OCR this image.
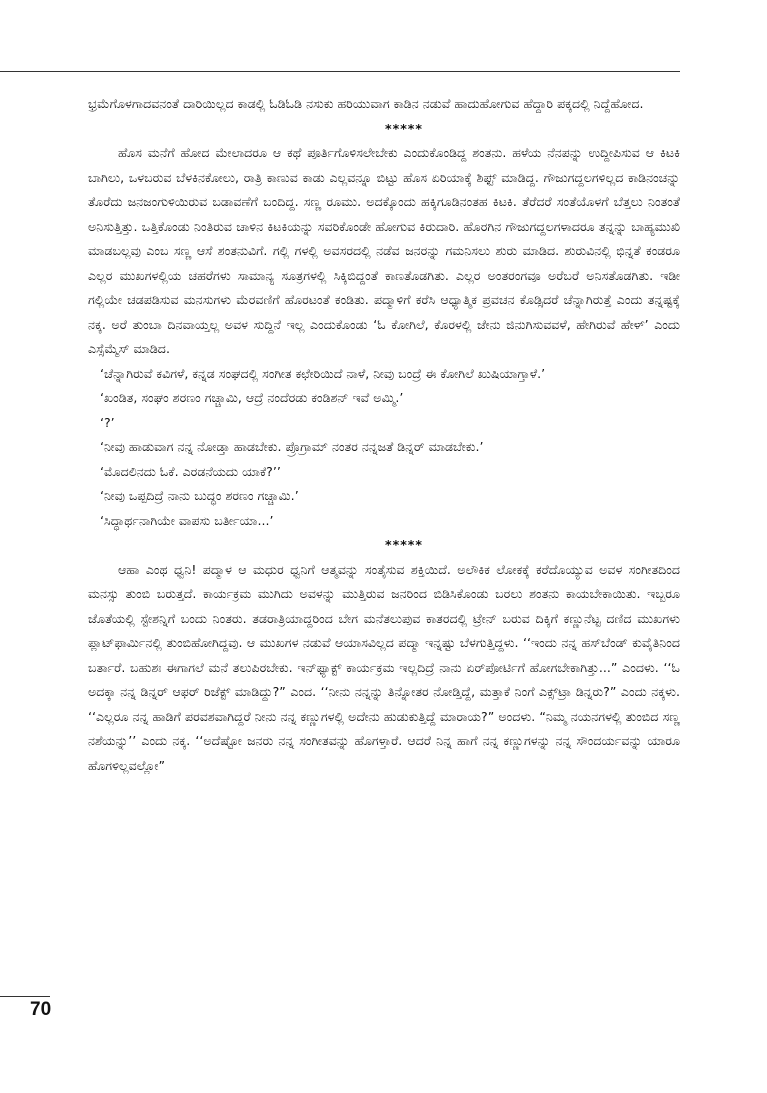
ಭ್ರಮೆಗೊಳಗಾದವನಂತೆ ದಾರಿಯಿಲ್ಲದ ಕಾಡಲ್ಲಿ ಓಡಿಓಡಿ ನಸುಕು ಹರಿಯುವಾಗ ಕಾಡಿನ ನಡುವೆ ಹಾದುಹೋಗುವ ಹೆದ್ದಾರಿ ಪಕ್ಕದಲ್ಲಿ ನಿದ್ದೆಹೋದ.

*****

ಹೊಸ ಮನೆಗೆ ಹೋದ ಮೇಲಾದರೂ ಆ ಕಥೆ ಪೂರ್ತಿಗೊಳಿಸಲೇಬೇಕು ಎಂದುಕೊಂಡಿದ್ದ ಶಂತನು. ಹಳೆಯ ನೆನಪನ್ನು ಉದ್ದೀಪಿಸುವ ಆ ಕಿಟಕಿ ಬಾಗಿಲು, ಒಳಬರುವ ಬೆಳಕಿನಕೋಲು, ರಾತ್ರಿ ಕಾಣುವ ಕಾಡು ಎಲ್ಲವನ್ನೂ ಬಿಟ್ಟು ಹೊಸ ಏರಿಯಾಕ್ಕೆ ಶಿಫ್ಟ್ ಮಾಡಿದ್ದ. ಗೌಜುಗದ್ದಲಗಳಿಲ್ಲದ ಕಾಡಿನಂಚನ್ನು ತೊರೆದು ಜನಜಂಗುಳಿಯಿರುವ ಬಡಾವಣೆಗೆ ಬಂದಿದ್ದ. ಸಣ್ಣ ರೂಮು. ಅದಕ್ಕೊಂದು ಹಕ್ಕಿಗೂಡಿನಂತಹ ಕಿಟಕಿ. ತೆರೆದರೆ ಸಂತೆಯೊಳಗೆ ಬೆತ್ತಲು ನಿಂತಂತೆ ಅನಿಸುತ್ತಿತ್ತು. ಒತ್ತಿಕೊಂಡು ನಿಂತಿರುವ ಚಾಳಿನ ಕಿಟಕಿಯನ್ನು ಸವರಿಕೊಂಡೇ ಹೋಗುವ ಕಿರುದಾರಿ. ಹೊರಗಿನ ಗೌಜುಗದ್ದಲಗಳಾದರೂ ತನ್ನನ್ನು ಬಾಹ್ಯಮುಖಿ ಮಾಡಬಲ್ಲವು ಎಂಬ ಸಣ್ಣ ಆಸೆ ಶಂತನುವಿಗೆ. ಗಲ್ಲಿ ಗಳಲ್ಲಿ ಅವಸರದಲ್ಲಿ ನಡೆವ ಜನರನ್ನು ಗಮನಿಸಲು ಶುರು ಮಾಡಿದ. ಶುರುವಿನಲ್ಲಿ ಭಿನ್ನತೆ ಕಂಡರೂ ಎಲ್ಲರ ಮುಖಗಳಲ್ಲಿಯ ಚಹರೆಗಳು ಸಾಮಾನ್ಯ ಸೂತ್ರಗಳಲ್ಲಿ ಸಿಕ್ಕಿಬಿದ್ದಂತೆ ಕಾಣತೊಡಗಿತು. ಎಲ್ಲರ ಅಂತರಂಗವೂ ಅರೆಬರೆ ಅನಿಸತೊಡಗಿತು. ಇಡೀ ಗಲ್ಲಿಯೇ ಚಡಪಡಿಸುವ ಮನಸುಗಳು ಮೆರವಣಿಗೆ ಹೊರಟಂತೆ ಕಂಡಿತು. ಪದ್ಮಾಳಿಗೆ ಕರೆಸಿ ಆಧ್ಯಾತ್ಮಿಕ ಪ್ರವಚನ ಕೊಡ್ಸಿದರೆ ಚೆನ್ನಾಗಿರುತ್ತೆ ಎಂದು ತನ್ನಷ್ಟಕ್ಕೆ ನಕ್ಕ. ಅರೆ ತುಂಬಾ ದಿನವಾಯ್ತಲ್ಲ ಅವಳ ಸುದ್ದಿನೆ ಇಲ್ಲ ಎಂದುಕೊಂಡು ‘ಓ ಕೋಗಿಲೆ, ಕೊರಳಲ್ಲಿ ಜೇನು ಜಿನುಗಿಸುವವಳೆ, ಹೇಗಿರುವೆ ಹೇಳ್’ ಎಂದು ಎಸ್ಸೆಮ್ಮೆಸ್ ಮಾಡಿದ.

‘ಚೆನ್ನಾಗಿರುವೆ ಕವಿಗಳೆ, ಕನ್ನಡ ಸಂಘದಲ್ಲಿ ಸಂಗೀತ ಕಛೇರಿಯಿದೆ ನಾಳೆ, ನೀವು ಬಂದ್ರೆ ಈ ಕೋಗಿಲೆ ಖುಷಿಯಾಗ್ತಾಳೆ.’

‘ಖಂಡಿತ, ಸಂಘಂ ಶರಣಂ ಗಚ್ಚಾಮಿ, ಆದ್ರೆ ನಂದೆರಡು ಕಂಡಿಶನ್ ಇವೆ ಅಮ್ಮಿ.’

‘?’

‘ನೀವು ಹಾಡುವಾಗ ನನ್ನ ನೋಡ್ತಾ ಹಾಡಬೇಕು. ಪ್ರೊಗ್ರಾಮ್ ನಂತರ ನನ್ನಜತೆ ಡಿನ್ನರ್ ಮಾಡಬೇಕು.’

‘ಮೊದಲಿನದು ಓಕೆ. ಎರಡನೆಯದು ಯಾಕೆ?’’

‘ನೀವು ಒಪ್ಪದಿದ್ರೆ ನಾನು ಬುದ್ಧಂ ಶರಣಂ ಗಚ್ಚಾಮಿ.’

‘ಸಿದ್ಧಾರ್ಥನಾಗಿಯೇ ವಾಪಸು ಬರ್ತೀಯಾ...’

*****

ಆಹಾ ಎಂಥ ಧ್ವನಿ! ಪದ್ಮಾಳ ಆ ಮಧುರ ಧ್ವನಿಗೆ ಆತ್ಮವನ್ನು ಸಂತೈಸುವ ಶಕ್ತಿಯಿದೆ. ಅಲೌಕಿಕ ಲೋಕಕ್ಕೆ ಕರೆದೊಯ್ಯುವ ಅವಳ ಸಂಗೀತದಿಂದ ಮನಸ್ಸು ತುಂಬಿ ಬರುತ್ತದೆ. ಕಾರ್ಯಕ್ರಮ ಮುಗಿದು ಅವಳನ್ನು ಮುತ್ತಿರುವ ಜನರಿಂದ ಬಿಡಿಸಿಕೊಂಡು ಬರಲು ಶಂತನು ಕಾಯಬೇಕಾಯಿತು. ಇಬ್ಬರೂ ಜೊತೆಯಲ್ಲಿ ಸ್ಟೇಶನ್ನಿಗೆ ಬಂದು ನಿಂತರು. ತಡರಾತ್ರಿಯಾದ್ದರಿಂದ ಬೇಗ ಮನೆತಲುಪುವ ಕಾತರದಲ್ಲಿ ಟ್ರೇನ್ ಬರುವ ದಿಕ್ಕಿಗೆ ಕಣ್ಣುನೆಟ್ಟ ದಣಿದ ಮುಖಗಳು ಪ್ಲಾಟ್‌ಫಾರ್ಮಿನಲ್ಲಿ ತುಂಬಿಹೋಗಿದ್ದವು. ಆ ಮುಖಗಳ ನಡುವೆ ಆಯಾಸವಿಲ್ಲದ ಪದ್ಮಾ ಇನ್ನಷ್ಟು ಬೆಳಗುತ್ತಿದ್ದಳು. ‘‘ಇಂದು ನನ್ನ ಹಸ್‌ಬೆಂಡ್ ಕುವೈತಿನಿಂದ ಬರ್ತಾರೆ. ಬಹುಶಃ ಈಗಾಗಲೆ ಮನೆ ತಲುಪಿರಬೇಕು. ಇನ್‌ಫ್ಯಾಕ್ಟ್ ಕಾರ್ಯಕ್ರಮ ಇಲ್ಲದಿದ್ರೆ ನಾನು ಏರ್‌ಪೋರ್ಟಿಗೆ ಹೋಗಬೇಕಾಗಿತ್ತು...” ಎಂದಳು. ‘‘ಓ ಅದಕ್ಕಾ ನನ್ನ ಡಿನ್ನರ್ ಆಫರ್ ರಿಜೆಕ್ಟ್ ಮಾಡಿದ್ದು?” ಎಂದ. ‘‘ನೀನು ನನ್ನನ್ನು ತಿನ್ನೋತರ ನೋಡ್ತಿದ್ದೆ, ಮತ್ತಾಕೆ ನಿಂಗೆ ಎಕ್ಸ್‌ಟ್ರಾ ಡಿನ್ನರು?” ಎಂದು ನಕ್ಕಳು. ‘‘ಎಲ್ಲರೂ ನನ್ನ ಹಾಡಿಗೆ ಪರವಶವಾಗಿದ್ದರೆ ನೀನು ನನ್ನ ಕಣ್ಣುಗಳಲ್ಲಿ ಅದೇನು ಹುಡುಕುತ್ತಿದ್ದೆ ಮಾರಾಯ?” ಅಂದಳು. “ನಿಮ್ಮ ನಯನಗಳಲ್ಲಿ ತುಂಬಿದ ಸಣ್ಣ ನಶೆಯನ್ನು’’ ಎಂದು ನಕ್ಕ. ‘‘ಅದೆಷ್ಟೋ ಜನರು ನನ್ನ ಸಂಗೀತವನ್ನು ಹೊಗಳ್ತಾರೆ. ಆದರೆ ನಿನ್ನ ಹಾಗೆ ನನ್ನ ಕಣ್ಣುಗಳನ್ನು ನನ್ನ ಸೌಂದರ್ಯವನ್ನು ಯಾರೂ ಹೊಗಳಿಲ್ಲವಲ್ಲೋ”

70
